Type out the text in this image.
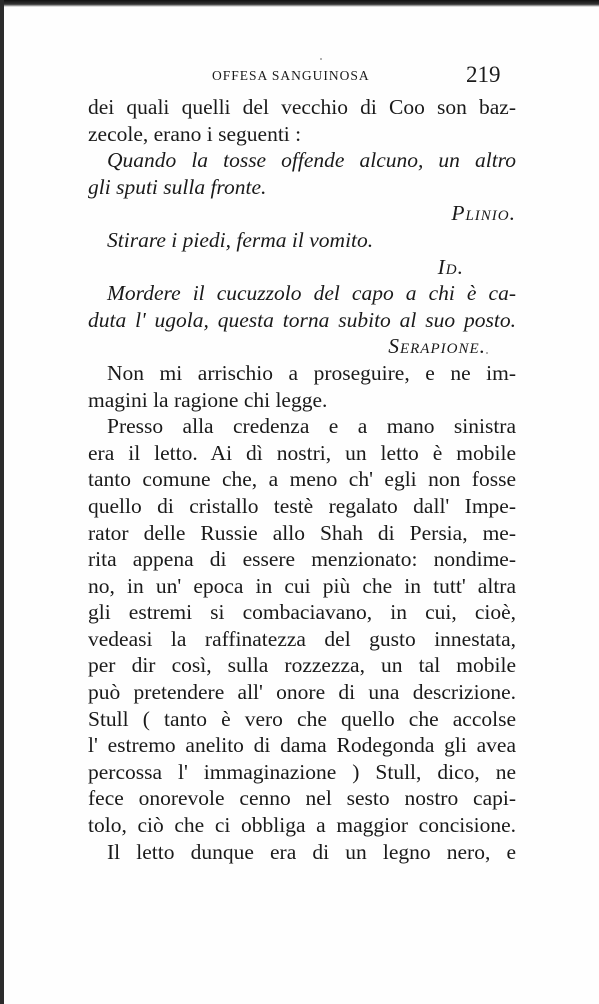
OFFESA SANGUINOSA	219
dei quali quelli del vecchio di Coo son baz-
zecole, erano i seguenti :
Quando la tosse offende alcuno, un altro
gli sputi sulla fronte.
Plinio.
Stirare i piedi, ferma il vomito.
Id.
Mordere il cucuzzolo del capo a chi è ca-
duta l' ugola, questa torna subito al suo posto.
Serapione.
Non mi arrischio a proseguire, e ne im-
magini la ragione chi legge.
Presso alla credenza e a mano sinistra
era il letto. Ai dì nostri, un letto è mobile
tanto comune che, a meno ch' egli non fosse
quello di cristallo testè regalato dall' Impe-
rator delle Russie allo Shah di Persia, me-
rita appena di essere menzionato: nondime-
no, in un' epoca in cui più che in tutt' altra
gli estremi si combaciavano, in cui, cioè,
vedeasi la raffinatezza del gusto innestata,
per dir così, sulla rozzezza, un tal mobile
può pretendere all' onore di una descrizione.
Stull ( tanto è vero che quello che accolse
l' estremo anelito di dama Rodegonda gli avea
percossa l' immaginazione ) Stull, dico, ne
fece onorevole cenno nel sesto nostro capi-
tolo, ciò che ci obbliga a maggior concisione.
Il letto dunque era di un legno nero, e
